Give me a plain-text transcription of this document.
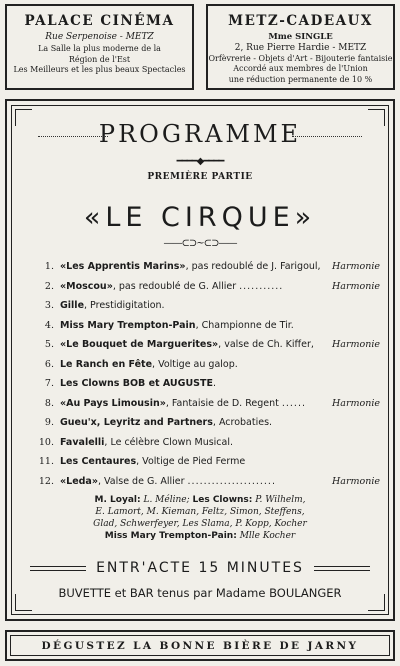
PALACE CINÉMA
Rue Serpenoise - METZ
La Salle la plus moderne de la
Région de l'Est
Les Meilleurs et les plus beaux Spectacles
METZ-CADEAUX
Mme SINGLE
2, Rue Pierre Hardie - METZ
Orfèvrerie - Objets d'Art - Bijouterie fantaisie
Accordé aux membres de l'Union
une réduction permanente de 10 %
PROGRAMME
━━━━◆━━━━
PREMIÈRE PARTIE
«LE CIRQUE»
——⊂⊃~⊂⊃——
1. «Les Apprentis Marins», pas redoublé de J. Farigoul, Harmonie
2. «Moscou», pas redoublé de G. Allier ...........	Harmonie
3. Gille, Prestidigitation.
4. Miss Mary Trempton-Pain, Championne de Tir.
5. «Le Bouquet de Marguerites», valse de Ch. Kiffer, Harmonie
6. Le Ranch en Fête, Voltige au galop.
7. Les Clowns BOB et AUGUSTE.
8. «Au Pays Limousin», Fantaisie de D. Regent ......	Harmonie
9. Gueu'x, Leyritz and Partners, Acrobaties.
10. Favalelli, Le célèbre Clown Musical.
11. Les Centaures, Voltige de Pied Ferme
12. «Leda», Valse de G. Allier ......................	Harmonie
M. Loyal: L. Méline; Les Clowns: P. Wilhelm,
E. Lamort, M. Kieman, Feltz, Simon, Steffens,
Glad, Schwerfeyer, Les Slama, P. Kopp, Kocher
Miss Mary Trempton-Pain: Mlle Kocher
ENTR'ACTE 15 MINUTES
BUVETTE et BAR tenus par Madame BOULANGER
DÉGUSTEZ LA BONNE BIÈRE DE JARNY
